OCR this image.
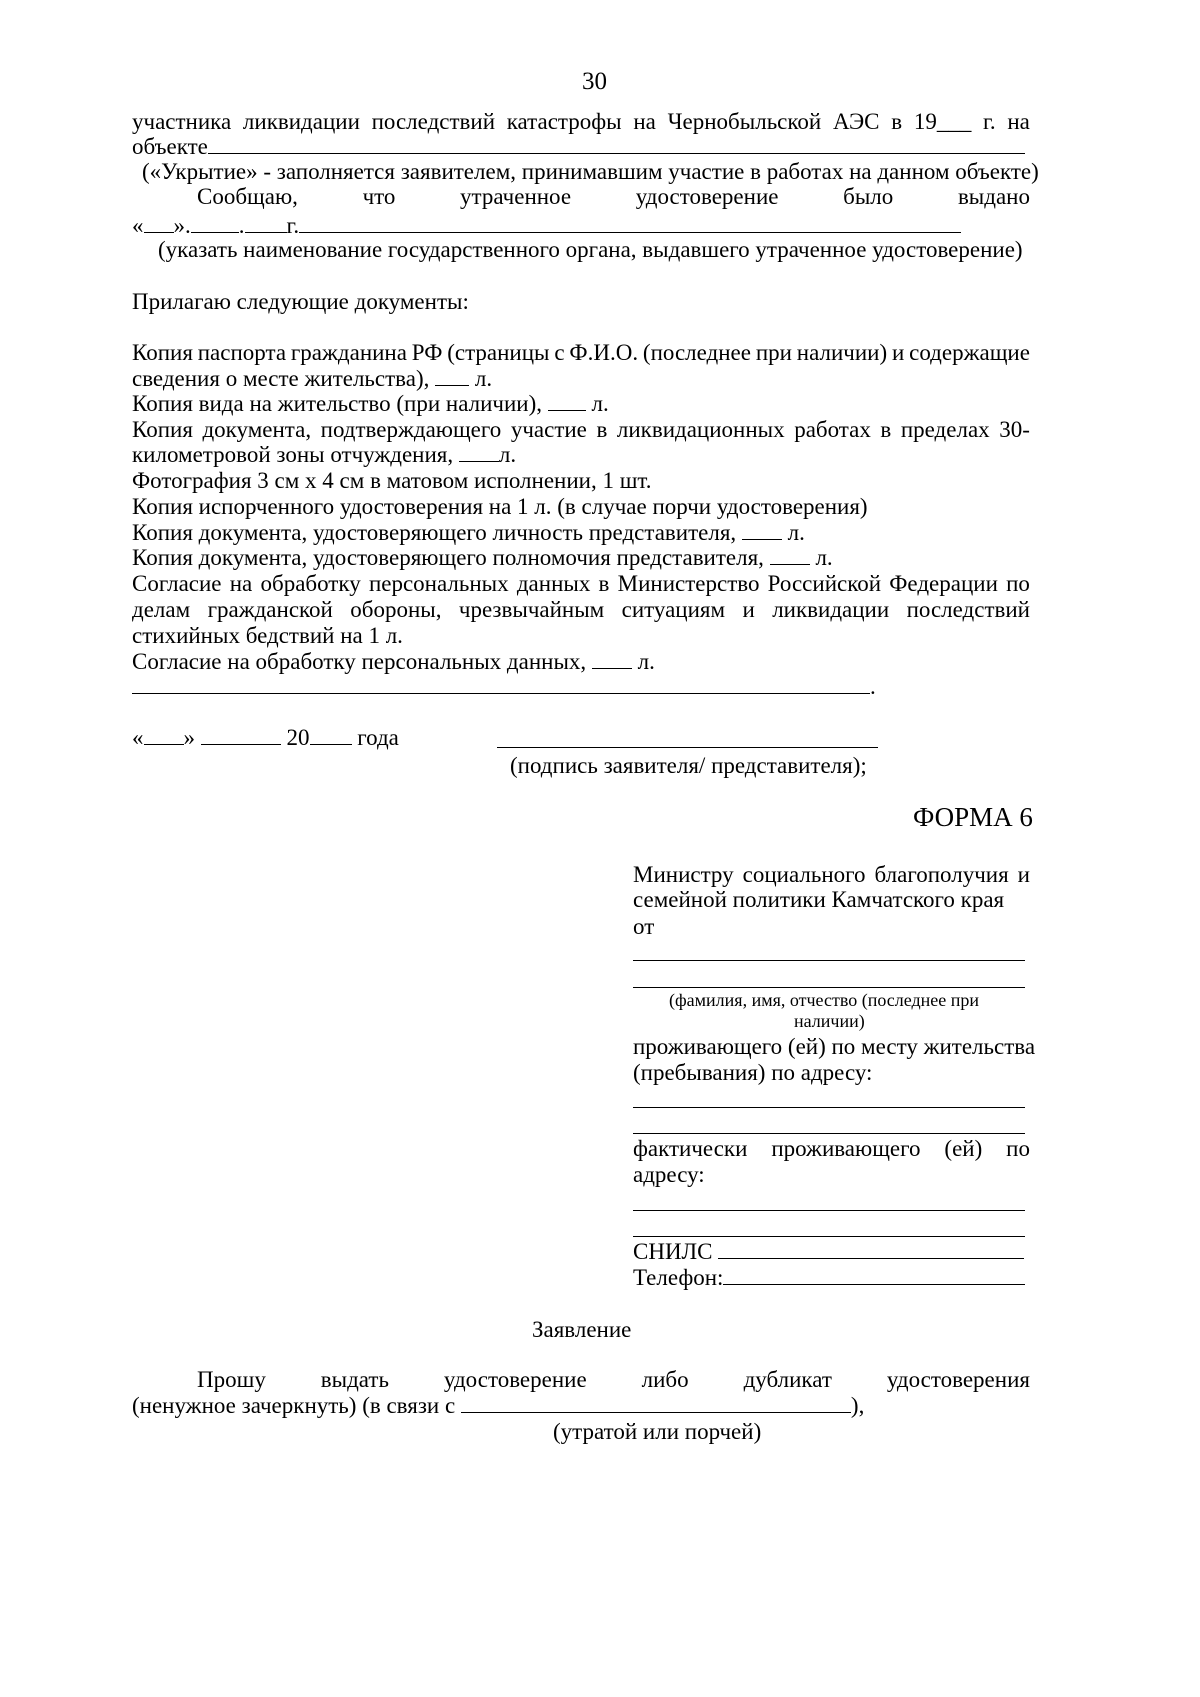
30
участника ликвидации последствий катастрофы на Чернобыльской АЭС в 19___ г. на
объекте
(«Укрытие» - заполняется заявителем, принимавшим участие в работах на данном объекте)
Сообщаю,	что	утраченное	удостоверение	было	выдано
« ». . г.
(указать наименование государственного органа, выдавшего утраченное удостоверение)
Прилагаю следующие документы:
Копия паспорта гражданина РФ (страницы с Ф.И.О. (последнее при наличии) и содержащие
сведения о месте жительства), л.
Копия вида на жительство (при наличии), л.
Копия документа, подтверждающего участие в ликвидационных работах в пределах 30-
километровой зоны отчуждения, л.
Фотография 3 см х 4 см в матовом исполнении, 1 шт.
Копия испорченного удостоверения на 1 л. (в случае порчи удостоверения)
Копия документа, удостоверяющего личность представителя, л.
Копия документа, удостоверяющего полномочия представителя, л.
Согласие на обработку персональных данных в Министерство Российской Федерации по
делам гражданской обороны, чрезвычайным ситуациям и ликвидации последствий
стихийных бедствий на 1 л.
Согласие на обработку персональных данных, л.
.
« »	20 года
(подпись заявителя/ представителя);
ФОРМА 6
Министру социального благополучия и
семейной политики Камчатского края
от
(фамилия, имя, отчество (последнее при
наличии)
проживающего (ей) по месту жительства
(пребывания) по адресу:
фактически проживающего (ей) по
адресу:
СНИЛС
Телефон:
Заявление
Прошу выдать удостоверение либо дубликат удостоверения
(ненужное зачеркнуть) (в связи с	),
(утратой или порчей)
